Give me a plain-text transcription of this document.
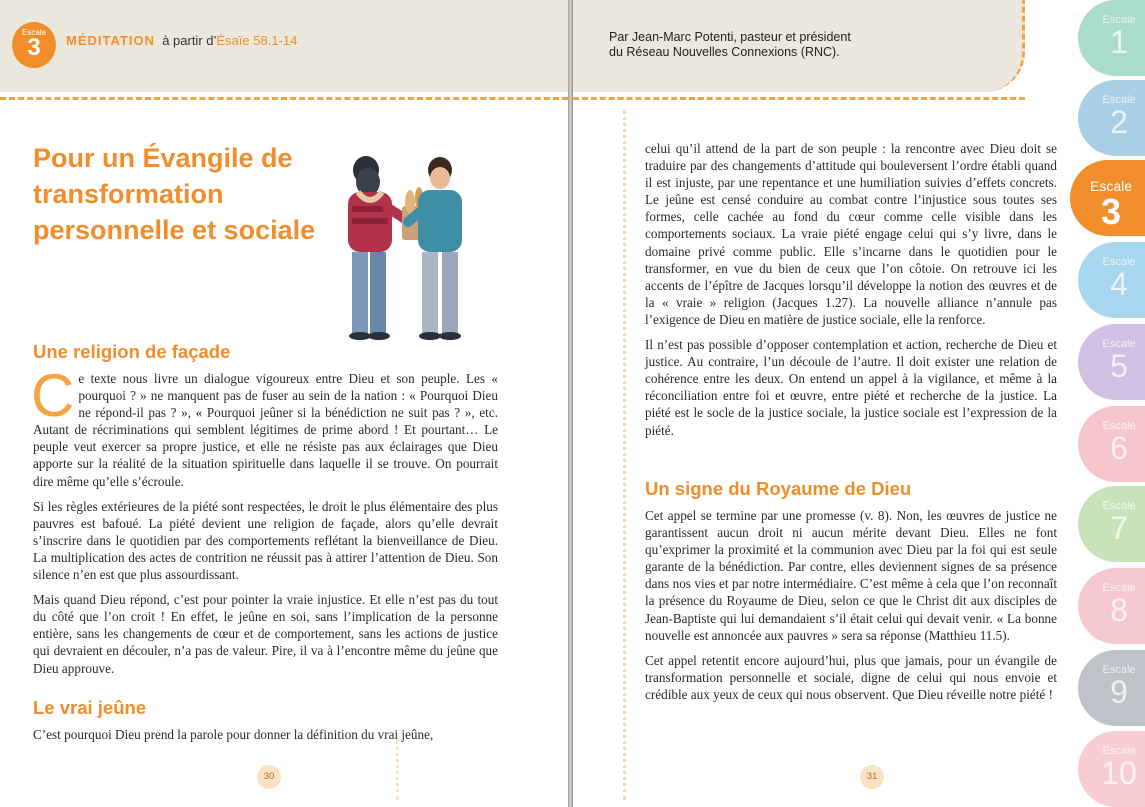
Escale
3	MÉDITATION à partir d’Ésaïe 58.1-14
Pour un Évangile de transformation personnelle et sociale
Une religion de façade

Ce texte nous livre un dialogue vigoureux entre Dieu et son peuple. Les « pourquoi ? » ne manquent pas de fuser au sein de la nation : « Pourquoi Dieu ne répond-il pas ? », « Pourquoi jeûner si la bénédiction ne suit pas ? », etc. Autant de récriminations qui semblent légitimes de prime abord ! Et pourtant… Le peuple veut exercer sa propre justice, et elle ne résiste pas aux éclairages que Dieu apporte sur la réalité de la situation spirituelle dans laquelle il se trouve. On pourrait dire même qu’elle s’écroule.

Si les règles extérieures de la piété sont respectées, le droit le plus élémentaire des plus pauvres est bafoué. La piété devient une religion de façade, alors qu’elle devrait s’inscrire dans le quotidien par des comportements reflétant la bienveillance de Dieu. La multiplication des actes de contrition ne réussit pas à attirer l’attention de Dieu. Son silence n’en est que plus assourdissant.

Mais quand Dieu répond, c’est pour pointer la vraie injustice. Et elle n’est pas du tout du côté que l’on croit ! En effet, le jeûne en soi, sans l’implication de la personne entière, sans les changements de cœur et de comportement, sans les actions de justice qui devraient en découler, n’a pas de valeur. Pire, il va à l’encontre même du jeûne que Dieu approuve.

Le vrai jeûne

C’est pourquoi Dieu prend la parole pour donner la définition du vrai jeûne,

30
Par Jean-Marc Potenti, pasteur et président
du Réseau Nouvelles Connexions (RNC).

celui qu’il attend de la part de son peuple : la rencontre avec Dieu doit se traduire par des changements d’attitude qui bouleversent l’ordre établi quand il est injuste, par une repentance et une humiliation suivies d’effets concrets. Le jeûne est censé conduire au combat contre l’injustice sous toutes ses formes, celle cachée au fond du cœur comme celle visible dans les comportements sociaux. La vraie piété engage celui qui s’y livre, dans le domaine privé comme public. Elle s’incarne dans le quotidien pour le transformer, en vue du bien de ceux que l’on côtoie. On retrouve ici les accents de l’épître de Jacques lorsqu’il développe la notion des œuvres et de la « vraie » religion (Jacques 1.27). La nouvelle alliance n’annule pas l’exigence de Dieu en matière de justice sociale, elle la renforce.

Il n’est pas possible d’opposer contemplation et action, recherche de Dieu et justice. Au contraire, l’un découle de l’autre. Il doit exister une relation de cohérence entre les deux. On entend un appel à la vigilance, et même à la réconciliation entre foi et œuvre, entre piété et recherche de la justice. La piété est le socle de la justice sociale, la justice sociale est l’expression de la piété.

Un signe du Royaume de Dieu

Cet appel se termine par une promesse (v. 8). Non, les œuvres de justice ne garantissent aucun droit ni aucun mérite devant Dieu. Elles ne font qu’exprimer la proximité et la communion avec Dieu par la foi qui est seule garante de la bénédiction. Par contre, elles deviennent signes de sa présence dans nos vies et par notre intermédiaire. C’est même à cela que l’on reconnaît la présence du Royaume de Dieu, selon ce que le Christ dit aux disciples de Jean-Baptiste qui lui demandaient s’il était celui qui devait venir. « La bonne nouvelle est annoncée aux pauvres » sera sa réponse (Matthieu 11.5).

Cet appel retentit encore aujourd’hui, plus que jamais, pour un évangile de transformation personnelle et sociale, digne de celui qui nous envoie et crédible aux yeux de ceux qui nous observent. Que Dieu réveille notre piété !

31
Escale
1
Escale
2
Escale
3
Escale
4
Escale
5
Escale
6
Escale
7
Escale
8
Escale
9
Escale
10
